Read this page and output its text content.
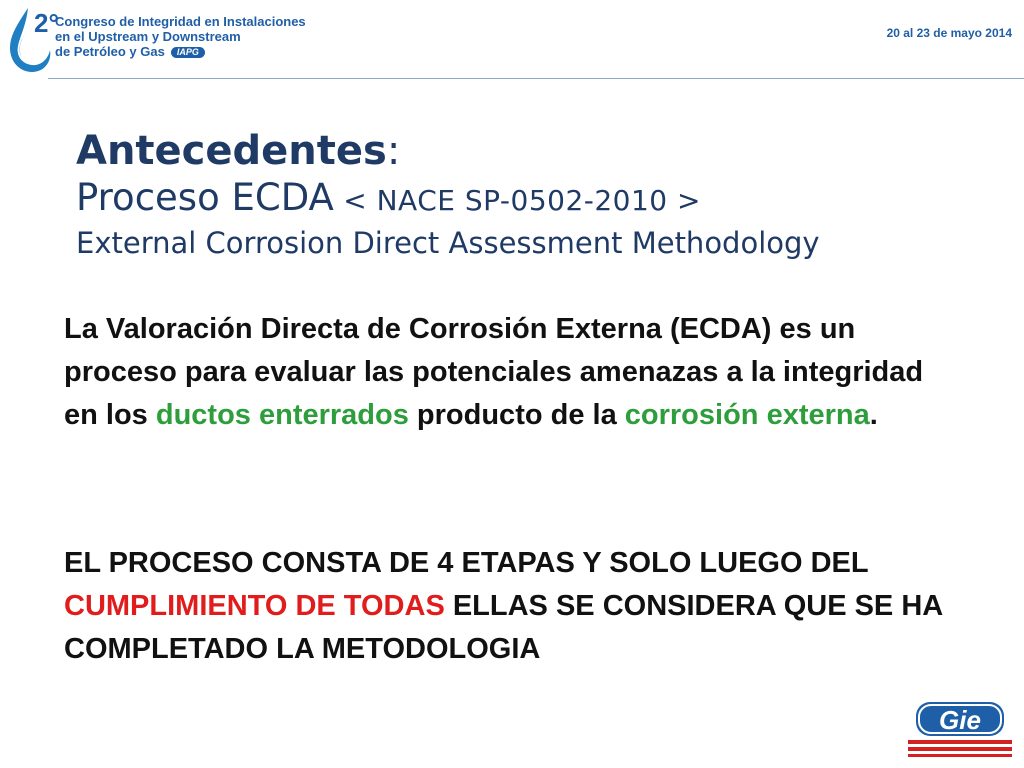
2°
Congreso de Integridad en Instalaciones
en el Upstream y Downstream
de Petróleo y Gas IAPG
20 al 23 de mayo 2014
Antecedentes:
Proceso ECDA < NACE SP-0502-2010 >
External Corrosion Direct Assessment Methodology
La Valoración Directa de Corrosión Externa (ECDA) es un proceso para evaluar las potenciales amenazas a la integridad en los ductos enterrados producto de la corrosión externa.
EL PROCESO CONSTA DE 4 ETAPAS Y SOLO LUEGO DEL CUMPLIMIENTO DE TODAS ELLAS SE CONSIDERA QUE SE HA COMPLETADO LA METODOLOGIA
Gie
